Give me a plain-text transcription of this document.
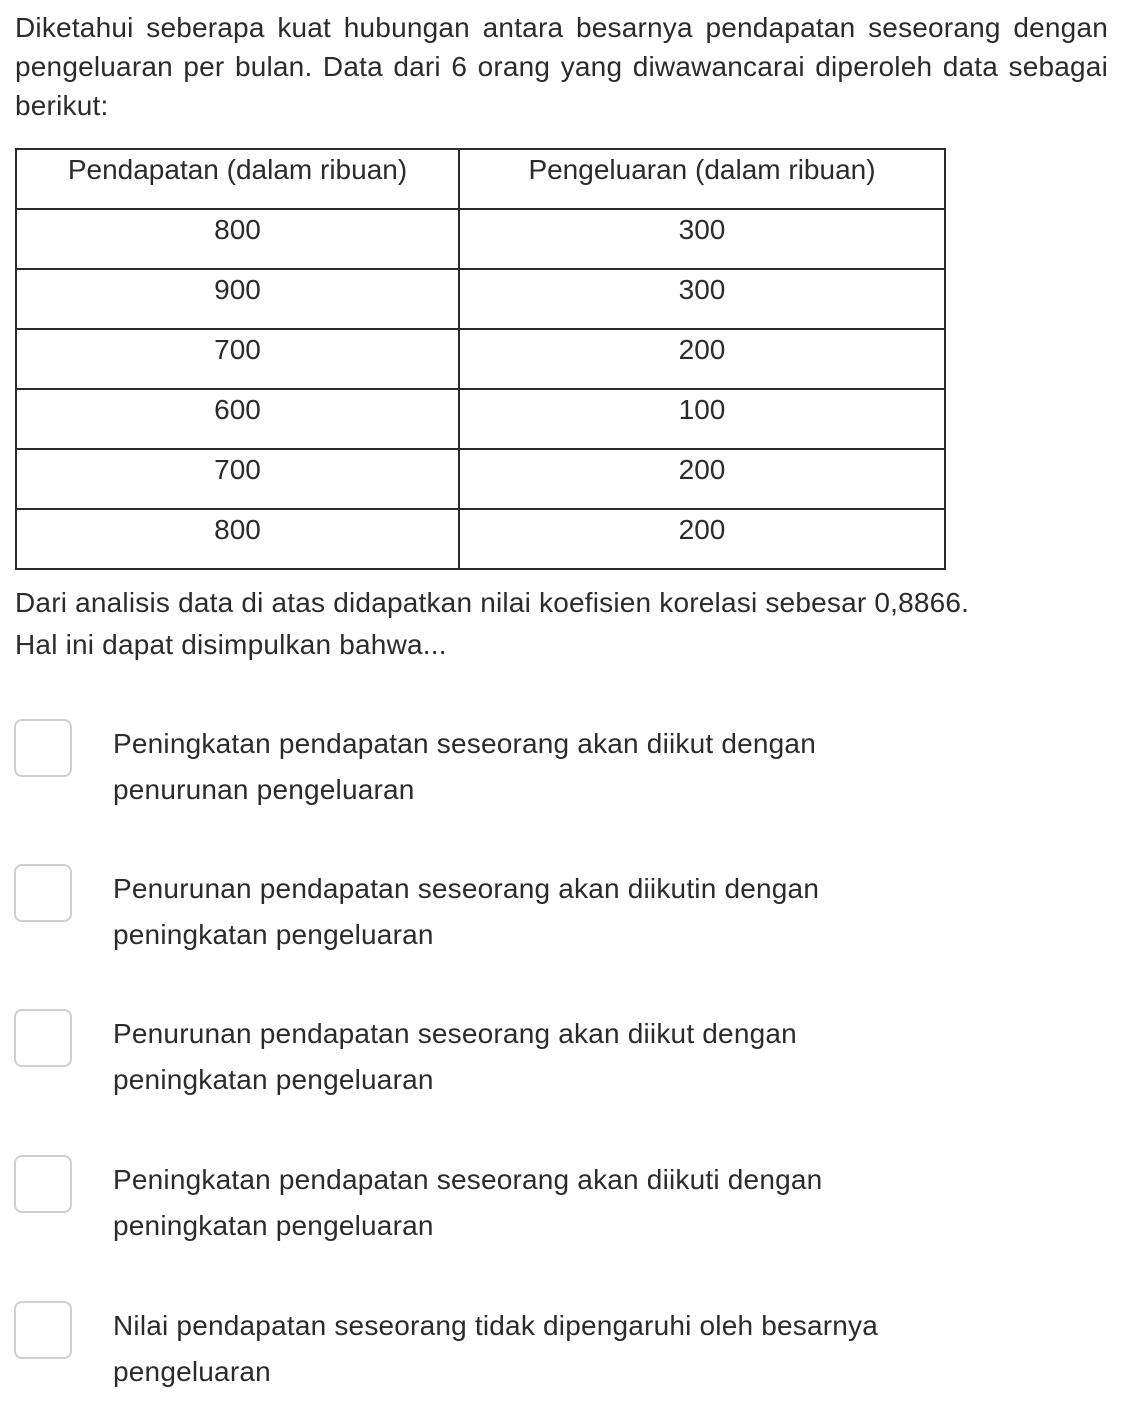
Diketahui seberapa kuat hubungan antara besarnya pendapatan seseorang dengan pengeluaran per bulan. Data dari 6 orang yang diwawancarai diperoleh data sebagai berikut:

Pendapatan (dalam ribuan)	Pengeluaran (dalam ribuan)
800	300
900	300
700	200
600	100
700	200
800	200
Dari analisis data di atas didapatkan nilai koefisien korelasi sebesar 0,8866.
Hal ini dapat disimpulkan bahwa...
Peningkatan pendapatan seseorang akan diikut dengan
penurunan pengeluaran
Penurunan pendapatan seseorang akan diikutin dengan
peningkatan pengeluaran
Penurunan pendapatan seseorang akan diikut dengan
peningkatan pengeluaran
Peningkatan pendapatan seseorang akan diikuti dengan
peningkatan pengeluaran
Nilai pendapatan seseorang tidak dipengaruhi oleh besarnya
pengeluaran
